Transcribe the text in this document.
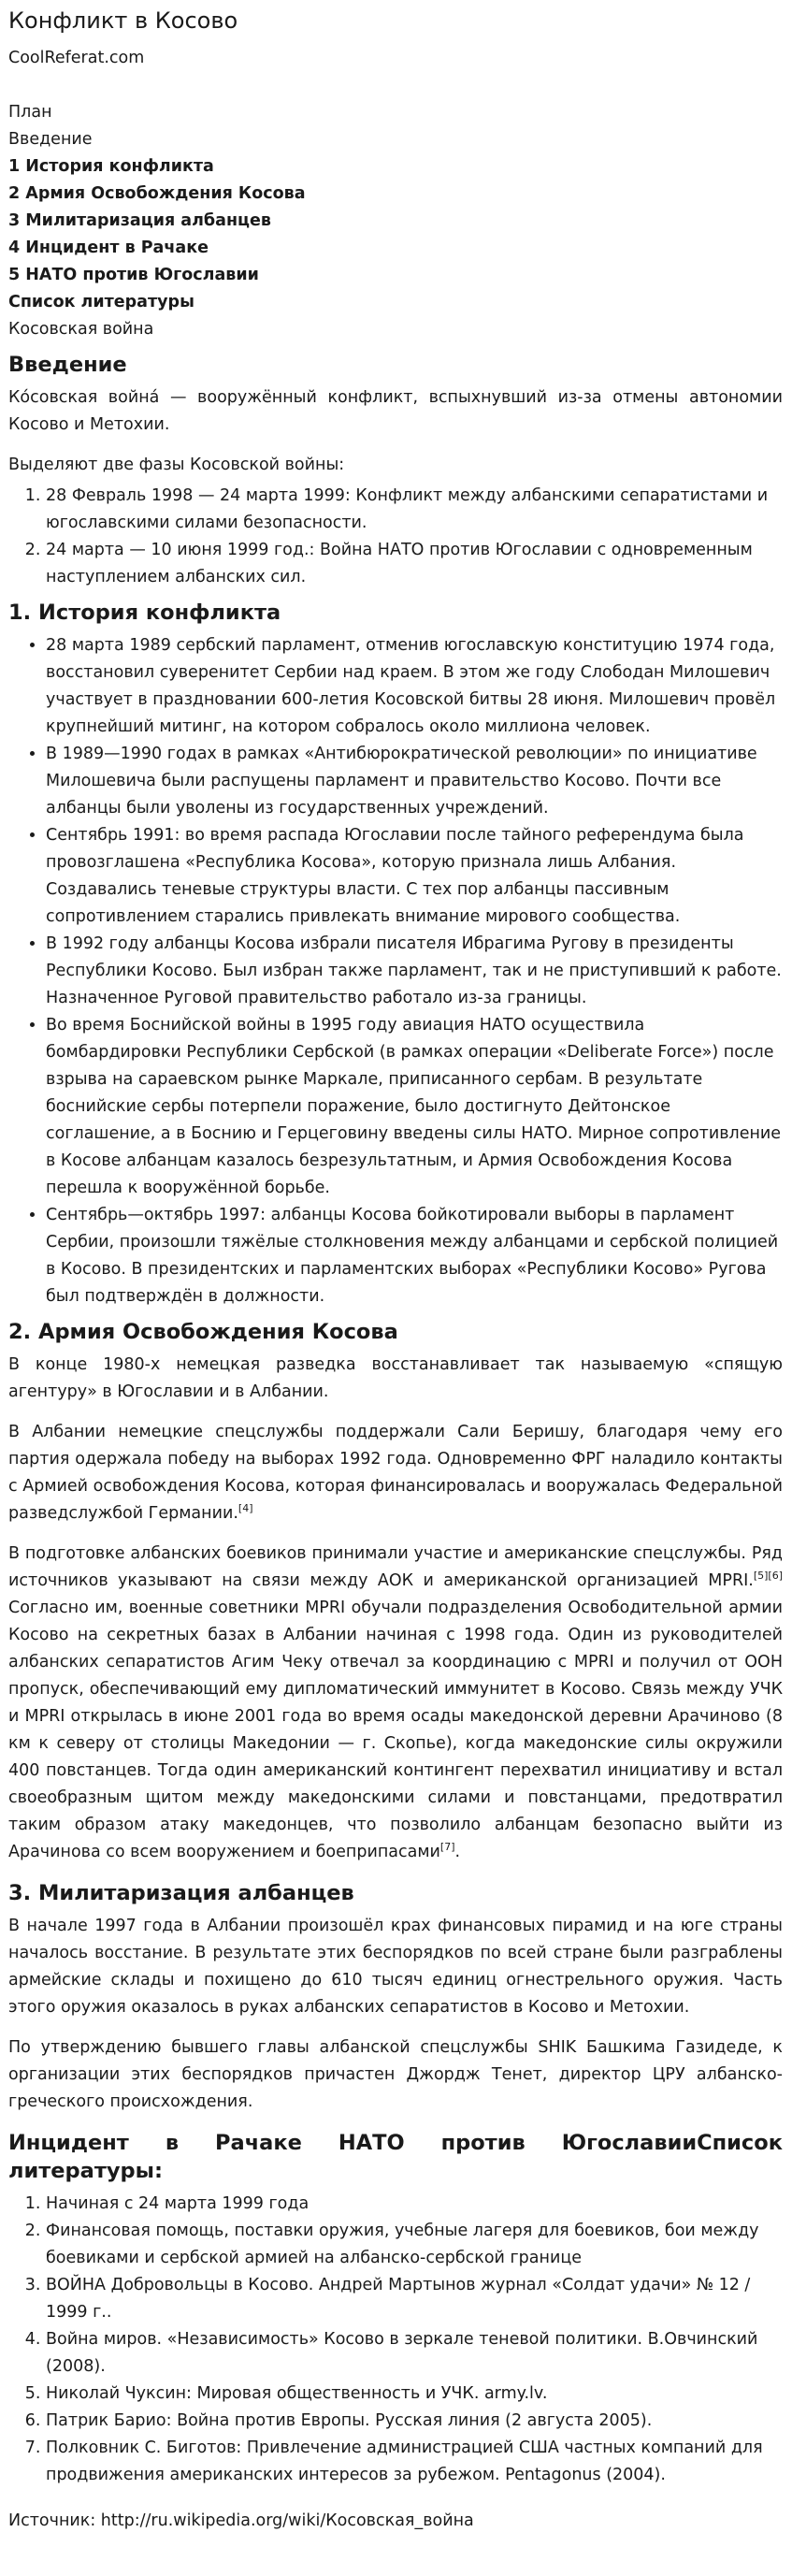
Конфликт в Косово
CoolReferat.com
План
Введение
1 История конфликта
2 Армия Освобождения Косова
3 Милитаризация албанцев
4 Инцидент в Рачаке
5 НАТО против Югославии
Список литературы
Косовская война
Введение

Ко́совская война́ — вооружённый конфликт, вспыхнувший из-за отмены автономии Косово и Метохии.

Выделяют две фазы Косовской войны:

1. 28 Февраль 1998 — 24 марта 1999: Конфликт между албанскими сепаратистами и югославскими силами безопасности.
2. 24 марта — 10 июня 1999 год.: Война НАТО против Югославии с одновременным наступлением албанских сил.
1. История конфликта
• 28 марта 1989 сербский парламент, отменив югославскую конституцию 1974 года, восстановил суверенитет Сербии над краем. В этом же году Слободан Милошевич участвует в праздновании 600-летия Косовской битвы 28 июня. Милошевич провёл крупнейший митинг, на котором собралось около миллиона человек.
• В 1989—1990 годах в рамках «Антибюрократической революции» по инициативе Милошевича были распущены парламент и правительство Косово. Почти все албанцы были уволены из государственных учреждений.
• Сентябрь 1991: во время распада Югославии после тайного референдума была провозглашена «Республика Косова», которую признала лишь Албания. Создавались теневые структуры власти. С тех пор албанцы пассивным сопротивлением старались привлекать внимание мирового сообщества.
• В 1992 году албанцы Косова избрали писателя Ибрагима Ругову в президенты Республики Косово. Был избран также парламент, так и не приступивший к работе. Назначенное Руговой правительство работало из-за границы.
• Во время Боснийской войны в 1995 году авиация НАТО осуществила бомбардировки Республики Сербской (в рамках операции «Deliberate Force») после взрыва на сараевском рынке Маркале, приписанного сербам. В результате боснийские сербы потерпели поражение, было достигнуто Дейтонское соглашение, а в Боснию и Герцеговину введены силы НАТО. Мирное сопротивление в Косове албанцам казалось безрезультатным, и Армия Освобождения Косова перешла к вооружённой борьбе.
• Сентябрь—октябрь 1997: албанцы Косова бойкотировали выборы в парламент Сербии, произошли тяжёлые столкновения между албанцами и сербской полицией в Косово. В президентских и парламентских выборах «Республики Косово» Ругова был подтверждён в должности.
2. Армия Освобождения Косова

В конце 1980-х немецкая разведка восстанавливает так называемую «спящую агентуру» в Югославии и в Албании.

В Албании немецкие спецслужбы поддержали Сали Беришу, благодаря чему его партия одержала победу на выборах 1992 года. Одновременно ФРГ наладило контакты с Армией освобождения Косова, которая финансировалась и вооружалась Федеральной разведслужбой Германии.[4]

В подготовке албанских боевиков принимали участие и американские спецслужбы. Ряд источников указывают на связи между АОК и американской организацией MPRI.[5][6] Согласно им, военные советники MPRI обучали подразделения Освободительной армии Косово на секретных базах в Албании начиная с 1998 года. Один из руководителей албанских сепаратистов Агим Чеку отвечал за координацию с MPRI и получил от ООН пропуск, обеспечивающий ему дипломатический иммунитет в Косово. Связь между УЧК и MPRI открылась в июне 2001 года во время осады македонской деревни Арачиново (8 км к северу от столицы Македонии — г. Скопье), когда македонские силы окружили 400 повстанцев. Тогда один американский контингент перехватил инициативу и встал своеобразным щитом между македонскими силами и повстанцами, предотвратил таким образом атаку македонцев, что позволило албанцам безопасно выйти из Арачинова со всем вооружением и боеприпасами[7].

3. Милитаризация албанцев

В начале 1997 года в Албании произошёл крах финансовых пирамид и на юге страны началось восстание. В результате этих беспорядков по всей стране были разграблены армейские склады и похищено до 610 тысяч единиц огнестрельного оружия. Часть этого оружия оказалось в руках албанских сепаратистов в Косово и Метохии.

По утверждению бывшего главы албанской спецслужбы SHIK Башкима Газидеде, к организации этих беспорядков причастен Джордж Тенет, директор ЦРУ албанско-греческого происхождения.

Инцидент в Рачаке НАТО против ЮгославииСписок литературы:
1. Начиная с 24 марта 1999 года
2. Финансовая помощь, поставки оружия, учебные лагеря для боевиков, бои между боевиками и сербской армией на албанско-сербской границе
3. ВОЙНА Добровольцы в Косово. Андрей Мартынов журнал «Солдат удачи» № 12 / 1999 г..
4. Война миров. «Независимость» Косово в зеркале теневой политики. В.Овчинский (2008).
5. Николай Чуксин: Мировая общественность и УЧК. army.lv.
6. Патрик Барио: Война против Европы. Русская линия (2 августа 2005).
7. Полковник С. Биготов: Привлечение администрацией США частных компаний для продвижения американских интересов за рубежом. Pentagonus (2004).
Источник: http://ru.wikipedia.org/wiki/Косовская_война
